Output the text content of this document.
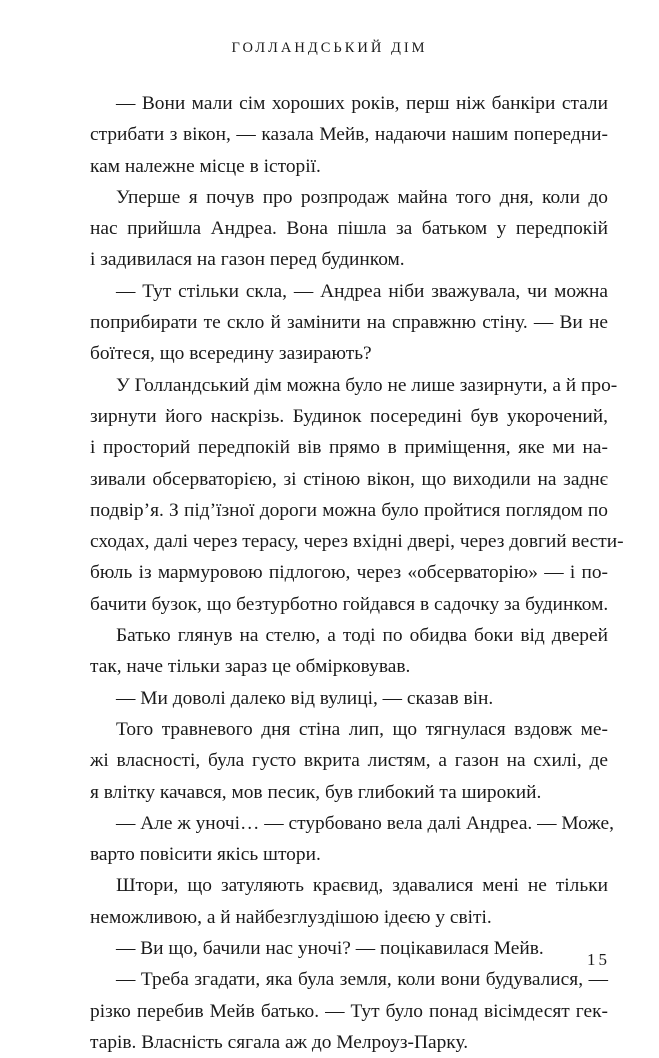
ГОЛЛАНДСЬКИЙ ДІМ
— Вони мали сім хороших років, перш ніж банкіри стали
стрибати з вікон, — казала Мейв, надаючи нашим попередни-
кам належне місце в історії.
Уперше я почув про розпродаж майна того дня, коли до
нас прийшла Андреа. Вона пішла за батьком у передпокій
і задивилася на газон перед будинком.
— Тут стільки скла, — Андреа ніби зважувала, чи можна
поприбирати те скло й замінити на справжню стіну. — Ви не
боїтеся, що всередину зазирають?
У Голландський дім можна було не лише зазирнути, а й про-
зирнути його наскрізь. Будинок посередині був укорочений,
і просторий передпокій вів прямо в приміщення, яке ми на-
зивали обсерваторією, зі стіною вікон, що виходили на заднє
подвір’я. З під’їзної дороги можна було пройтися поглядом по
сходах, далі через терасу, через вхідні двері, через довгий вести-
бюль із мармуровою підлогою, через «обсерваторію» — і по-
бачити бузок, що безтурботно гойдався в садочку за будинком.
Батько глянув на стелю, а тоді по обидва боки від дверей
так, наче тільки зараз це обмірковував.
— Ми доволі далеко від вулиці, — сказав він.
Того травневого дня стіна лип, що тягнулася вздовж ме-
жі власності, була густо вкрита листям, а газон на схилі, де
я влітку качався, мов песик, був глибокий та широкий.
— Але ж уночі… — стурбовано вела далі Андреа. — Може,
варто повісити якісь штори.
Штори, що затуляють краєвид, здавалися мені не тільки
неможливою, а й найбезглуздішою ідеєю у світі.
— Ви що, бачили нас уночі? — поцікавилася Мейв.
— Треба згадати, яка була земля, коли вони будувалися, —
різко перебив Мейв батько. — Тут було понад вісімдесят гек-
тарів. Власність сягала аж до Мелроуз-Парку.
15
